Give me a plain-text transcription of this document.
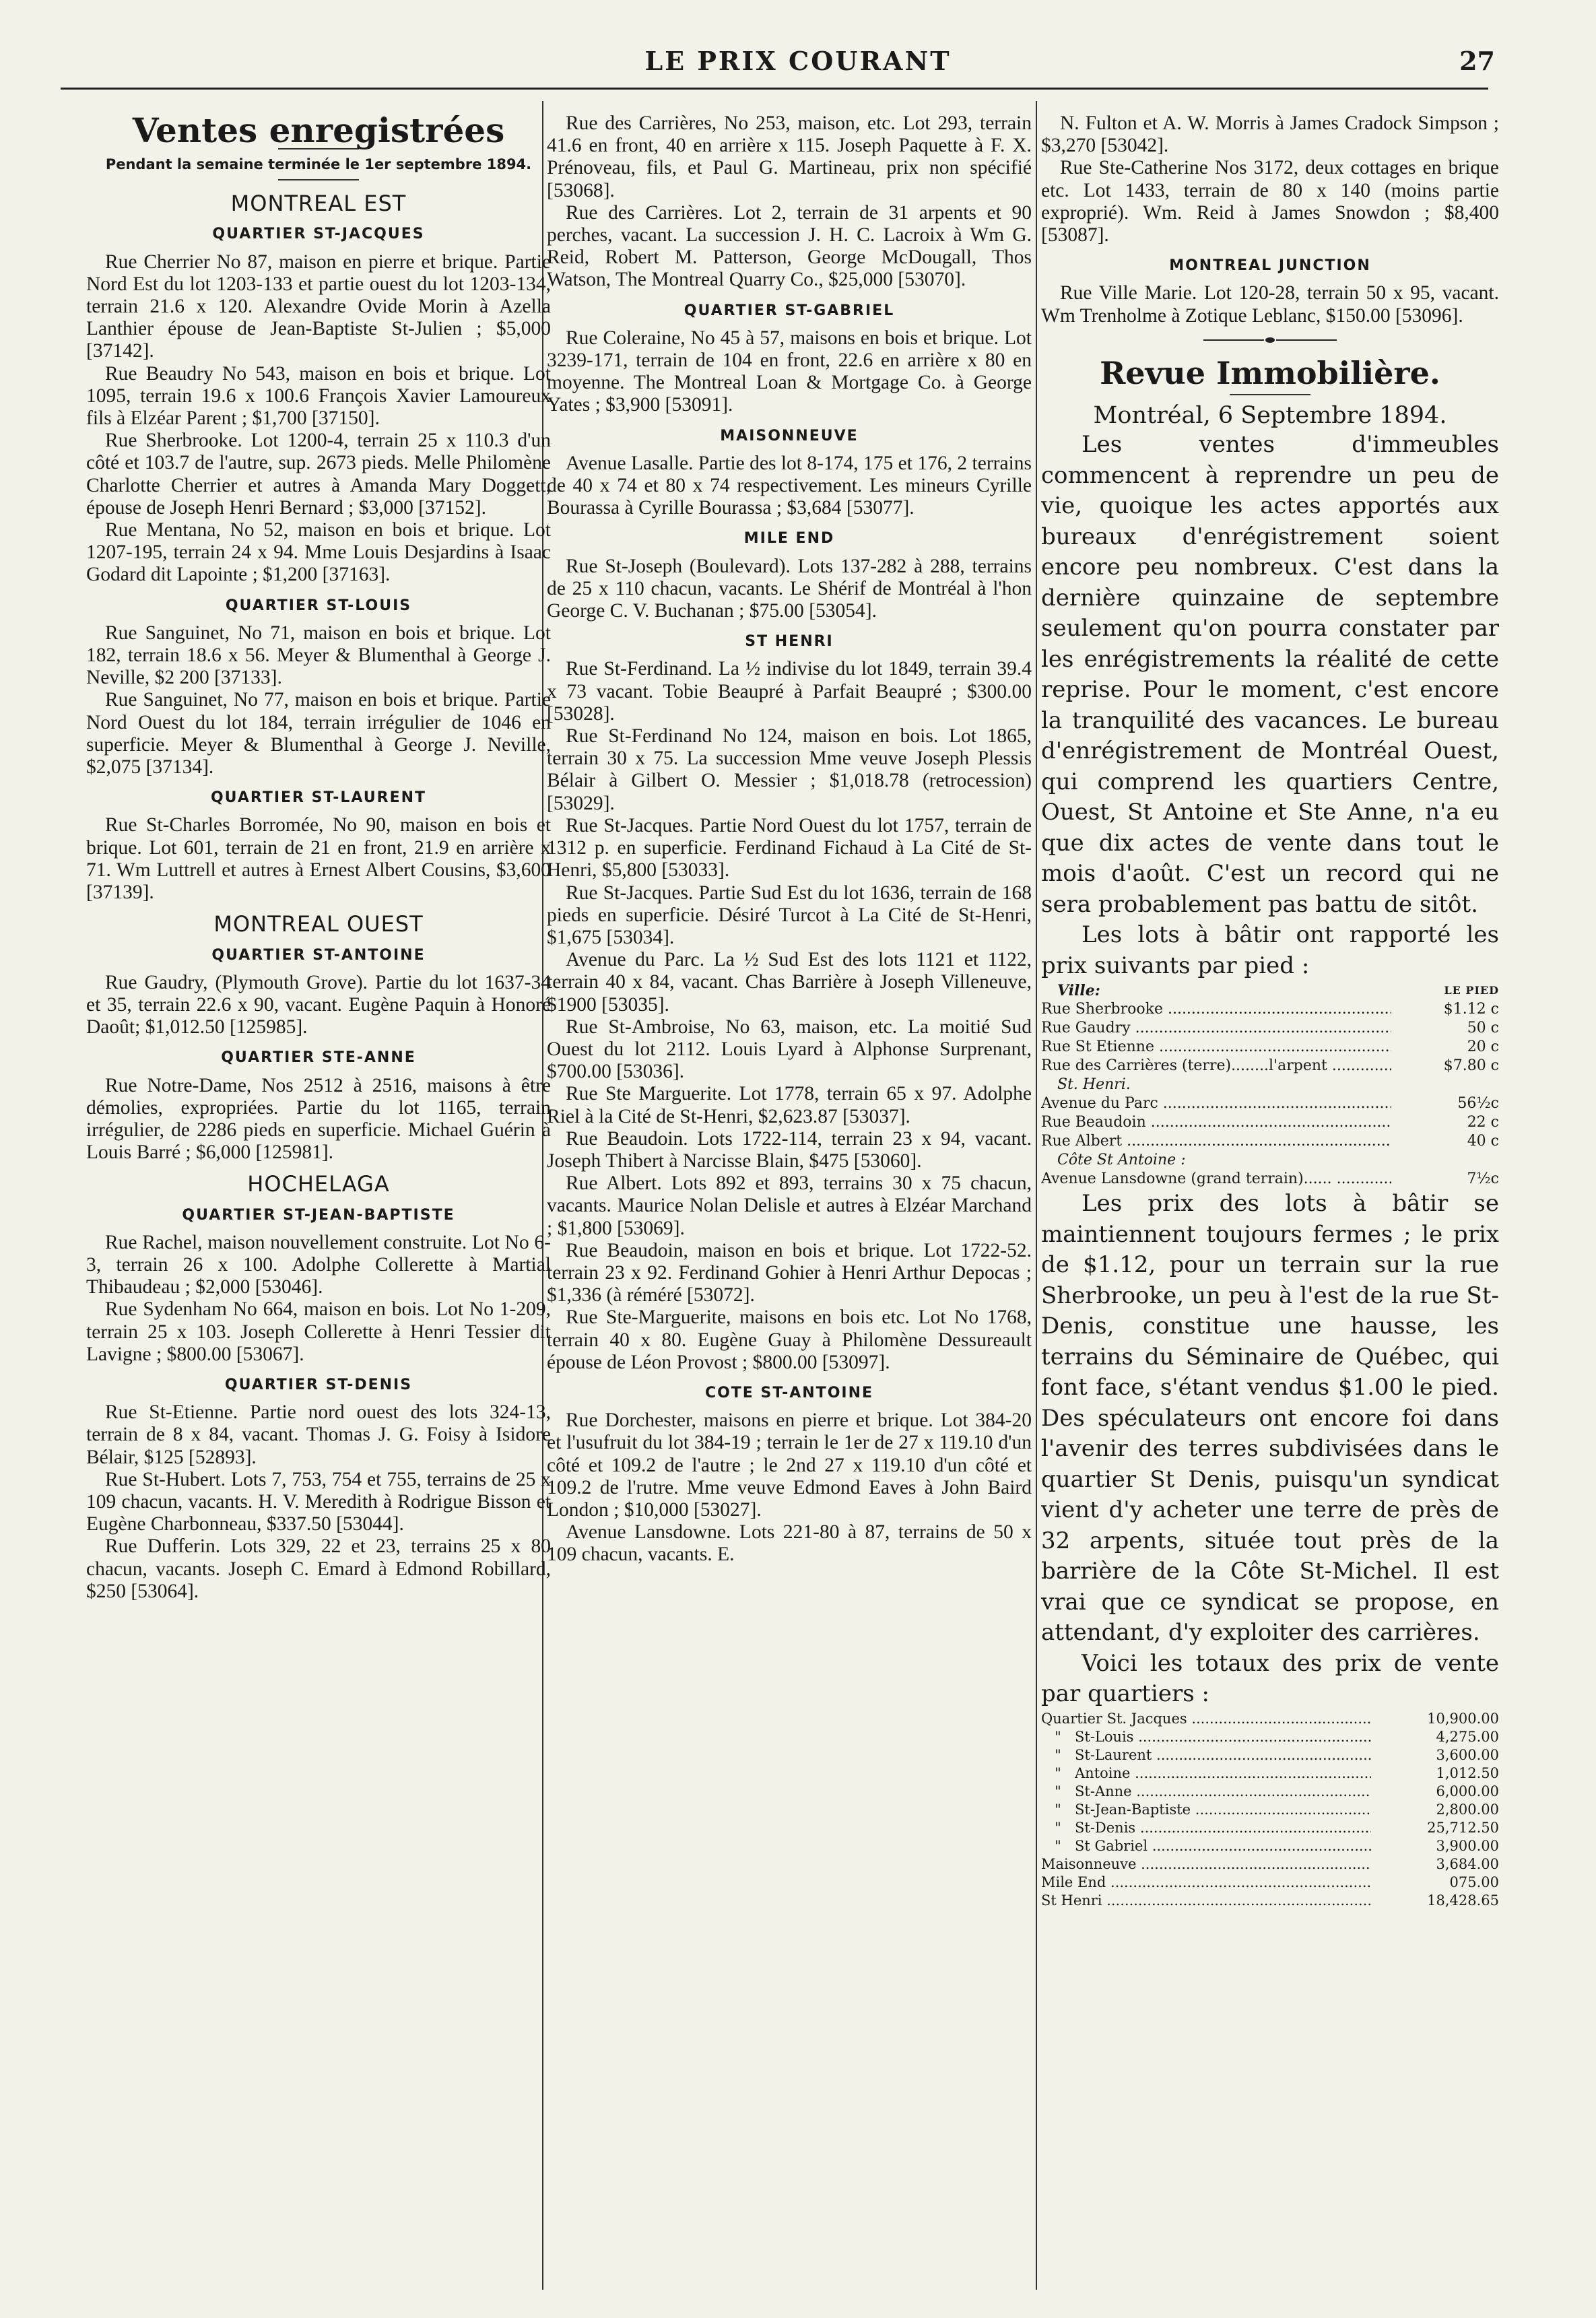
LE PRIX COURANT	27
Ventes enregistrées
Pendant la semaine terminée le 1er septembre 1894.
MONTREAL EST
QUARTIER ST-JACQUES

Rue Cherrier No 87, maison en pierre et brique. Partie Nord Est du lot 1203-133 et partie ouest du lot 1203-134, terrain 21.6 x 120. Alexandre Ovide Morin à Azella Lanthier épouse de Jean-Baptiste St-Julien ; $5,000 [37142].

Rue Beaudry No 543, maison en bois et brique. Lot 1095, terrain 19.6 x 100.6 François Xavier Lamoureux fils à Elzéar Parent ; $1,700 [37150].

Rue Sherbrooke. Lot 1200-4, terrain 25 x 110.3 d'un côté et 103.7 de l'autre, sup. 2673 pieds. Melle Philomène Charlotte Cherrier et autres à Amanda Mary Doggett, épouse de Joseph Henri Bernard ; $3,000 [37152].

Rue Mentana, No 52, maison en bois et brique. Lot 1207-195, terrain 24 x 94. Mme Louis Desjardins à Isaac Godard dit Lapointe ; $1,200 [37163].

QUARTIER ST-LOUIS

Rue Sanguinet, No 71, maison en bois et brique. Lot 182, terrain 18.6 x 56. Meyer & Blumenthal à George J. Neville, $2 200 [37133].

Rue Sanguinet, No 77, maison en bois et brique. Partie Nord Ouest du lot 184, terrain irrégulier de 1046 en superficie. Meyer & Blumenthal à George J. Neville, $2,075 [37134].

QUARTIER ST-LAURENT

Rue St-Charles Borromée, No 90, maison en bois et brique. Lot 601, terrain de 21 en front, 21.9 en arrière x 71. Wm Luttrell et autres à Ernest Albert Cousins, $3,600 [37139].

MONTREAL OUEST
QUARTIER ST-ANTOINE

Rue Gaudry, (Plymouth Grove). Partie du lot 1637-34 et 35, terrain 22.6 x 90, vacant. Eugène Paquin à Honoré Daoût; $1,012.50 [125985].

QUARTIER STE-ANNE

Rue Notre-Dame, Nos 2512 à 2516, maisons à être démolies, expropriées. Partie du lot 1165, terrain irrégulier, de 2286 pieds en superficie. Michael Guérin à Louis Barré ; $6,000 [125981].

HOCHELAGA
QUARTIER ST-JEAN-BAPTISTE

Rue Rachel, maison nouvellement construite. Lot No 6-3, terrain 26 x 100. Adolphe Collerette à Martial Thibaudeau ; $2,000 [53046].

Rue Sydenham No 664, maison en bois. Lot No 1-209, terrain 25 x 103. Joseph Collerette à Henri Tessier dit Lavigne ; $800.00 [53067].

QUARTIER ST-DENIS

Rue St-Etienne. Partie nord ouest des lots 324-13, terrain de 8 x 84, vacant. Thomas J. G. Foisy à Isidore Bélair, $125 [52893].

Rue St-Hubert. Lots 7, 753, 754 et 755, terrains de 25 x 109 chacun, vacants. H. V. Meredith à Rodrigue Bisson et Eugène Charbonneau, $337.50 [53044].

Rue Dufferin. Lots 329, 22 et 23, terrains 25 x 80 chacun, vacants. Joseph C. Emard à Edmond Robillard, $250 [53064].

Rue des Carrières, No 253, maison, etc. Lot 293, terrain 41.6 en front, 40 en arrière x 115. Joseph Paquette à F. X. Prénoveau, fils, et Paul G. Martineau, prix non spécifié [53068].

Rue des Carrières. Lot 2, terrain de 31 arpents et 90 perches, vacant. La succession J. H. C. Lacroix à Wm G. Reid, Robert M. Patterson, George McDougall, Thos Watson, The Montreal Quarry Co., $25,000 [53070].

QUARTIER ST-GABRIEL

Rue Coleraine, No 45 à 57, maisons en bois et brique. Lot 3239-171, terrain de 104 en front, 22.6 en arrière x 80 en moyenne. The Montreal Loan & Mortgage Co. à George Yates ; $3,900 [53091].

MAISONNEUVE

Avenue Lasalle. Partie des lot 8-174, 175 et 176, 2 terrains de 40 x 74 et 80 x 74 respectivement. Les mineurs Cyrille Bourassa à Cyrille Bourassa ; $3,684 [53077].

MILE END

Rue St-Joseph (Boulevard). Lots 137-282 à 288, terrains de 25 x 110 chacun, vacants. Le Shérif de Montréal à l'hon George C. V. Buchanan ; $75.00 [53054].

ST HENRI

Rue St-Ferdinand. La ½ indivise du lot 1849, terrain 39.4 x 73 vacant. Tobie Beaupré à Parfait Beaupré ; $300.00 [53028].

Rue St-Ferdinand No 124, maison en bois. Lot 1865, terrain 30 x 75. La succession Mme veuve Joseph Plessis Bélair à Gilbert O. Messier ; $1,018.78 (retrocession) [53029].

Rue St-Jacques. Partie Nord Ouest du lot 1757, terrain de 1312 p. en superficie. Ferdinand Fichaud à La Cité de St-Henri, $5,800 [53033].

Rue St-Jacques. Partie Sud Est du lot 1636, terrain de 168 pieds en superficie. Désiré Turcot à La Cité de St-Henri, $1,675 [53034].

Avenue du Parc. La ½ Sud Est des lots 1121 et 1122, terrain 40 x 84, vacant. Chas Barrière à Joseph Villeneuve, $1900 [53035].

Rue St-Ambroise, No 63, maison, etc. La moitié Sud Ouest du lot 2112. Louis Lyard à Alphonse Surprenant, $700.00 [53036].

Rue Ste Marguerite. Lot 1778, terrain 65 x 97. Adolphe Riel à la Cité de St-Henri, $2,623.87 [53037].

Rue Beaudoin. Lots 1722-114, terrain 23 x 94, vacant. Joseph Thibert à Narcisse Blain, $475 [53060].

Rue Albert. Lots 892 et 893, terrains 30 x 75 chacun, vacants. Maurice Nolan Delisle et autres à Elzéar Marchand ; $1,800 [53069].

Rue Beaudoin, maison en bois et brique. Lot 1722-52. terrain 23 x 92. Ferdinand Gohier à Henri Arthur Depocas ; $1,336 (à réméré [53072].

Rue Ste-Marguerite, maisons en bois etc. Lot No 1768, terrain 40 x 80. Eugène Guay à Philomène Dessureault épouse de Léon Provost ; $800.00 [53097].

COTE ST-ANTOINE

Rue Dorchester, maisons en pierre et brique. Lot 384-20 et l'usufruit du lot 384-19 ; terrain le 1er de 27 x 119.10 d'un côté et 109.2 de l'autre ; le 2nd 27 x 119.10 d'un côté et 109.2 de l'rutre. Mme veuve Edmond Eaves à John Baird London ; $10,000 [53027].

Avenue Lansdowne. Lots 221-80 à 87, terrains de 50 x 109 chacun, vacants. E.

N. Fulton et A. W. Morris à James Cradock Simpson ; $3,270 [53042].

Rue Ste-Catherine Nos 3172, deux cottages en brique etc. Lot 1433, terrain de 80 x 140 (moins partie exproprié). Wm. Reid à James Snowdon ; $8,400 [53087].

MONTREAL JUNCTION

Rue Ville Marie. Lot 120-28, terrain 50 x 95, vacant. Wm Trenholme à Zotique Leblanc, $150.00 [53096].

Revue Immobilière.
Montréal, 6 Septembre 1894.

Les ventes d'immeubles commencent à reprendre un peu de vie, quoique les actes apportés aux bureaux d'enrégistrement soient encore peu nombreux. C'est dans la dernière quinzaine de septembre seulement qu'on pourra constater par les enrégistrements la réalité de cette reprise. Pour le moment, c'est encore la tranquilité des vacances. Le bureau d'enrégistrement de Montréal Ouest, qui comprend les quartiers Centre, Ouest, St Antoine et Ste Anne, n'a eu que dix actes de vente dans tout le mois d'août. C'est un record qui ne sera probablement pas battu de sitôt.

Les lots à bâtir ont rapporté les prix suivants par pied :

Ville:	LE PIED

Rue Sherbrooke .....	$1.12 c

Rue Gaudry .....	50 c

Rue St Etienne .....	20 c

Rue des Carrières (terre)........l'arpent .....	$7.80 c
St. Henri.	

Avenue du Parc .....	56½c

Rue Beaudoin .....	22 c

Rue Albert .....	40 c
Côte St Antoine :	

Avenue Lansdowne (grand terrain)...... .....	7½c

Les prix des lots à bâtir se maintiennent toujours fermes ; le prix de $1.12, pour un terrain sur la rue Sherbrooke, un peu à l'est de la rue St-Denis, constitue une hausse, les terrains du Séminaire de Québec, qui font face, s'étant vendus $1.00 le pied. Des spéculateurs ont encore foi dans l'avenir des terres subdivisées dans le quartier St Denis, puisqu'un syndicat vient d'y acheter une terre de près de 32 arpents, située tout près de la barrière de la Côte St-Michel. Il est vrai que ce syndicat se propose, en attendant, d'y exploiter des carrières.

Voici les totaux des prix de vente par quartiers :

Quartier St. Jacques .....		10,900.00
"	St-Louis .....	4,275.00
"	St-Laurent .....	3,600.00
"	Antoine .....	1,012.50
"	St-Anne .....	6,000.00
"	St-Jean-Baptiste .....	2,800.00
"	St-Denis .....	25,712.50
"	St Gabriel .....	3,900.00

Maisonneuve .....		3,684.00

Mile End .....		075.00

St Henri .....		18,428.65
